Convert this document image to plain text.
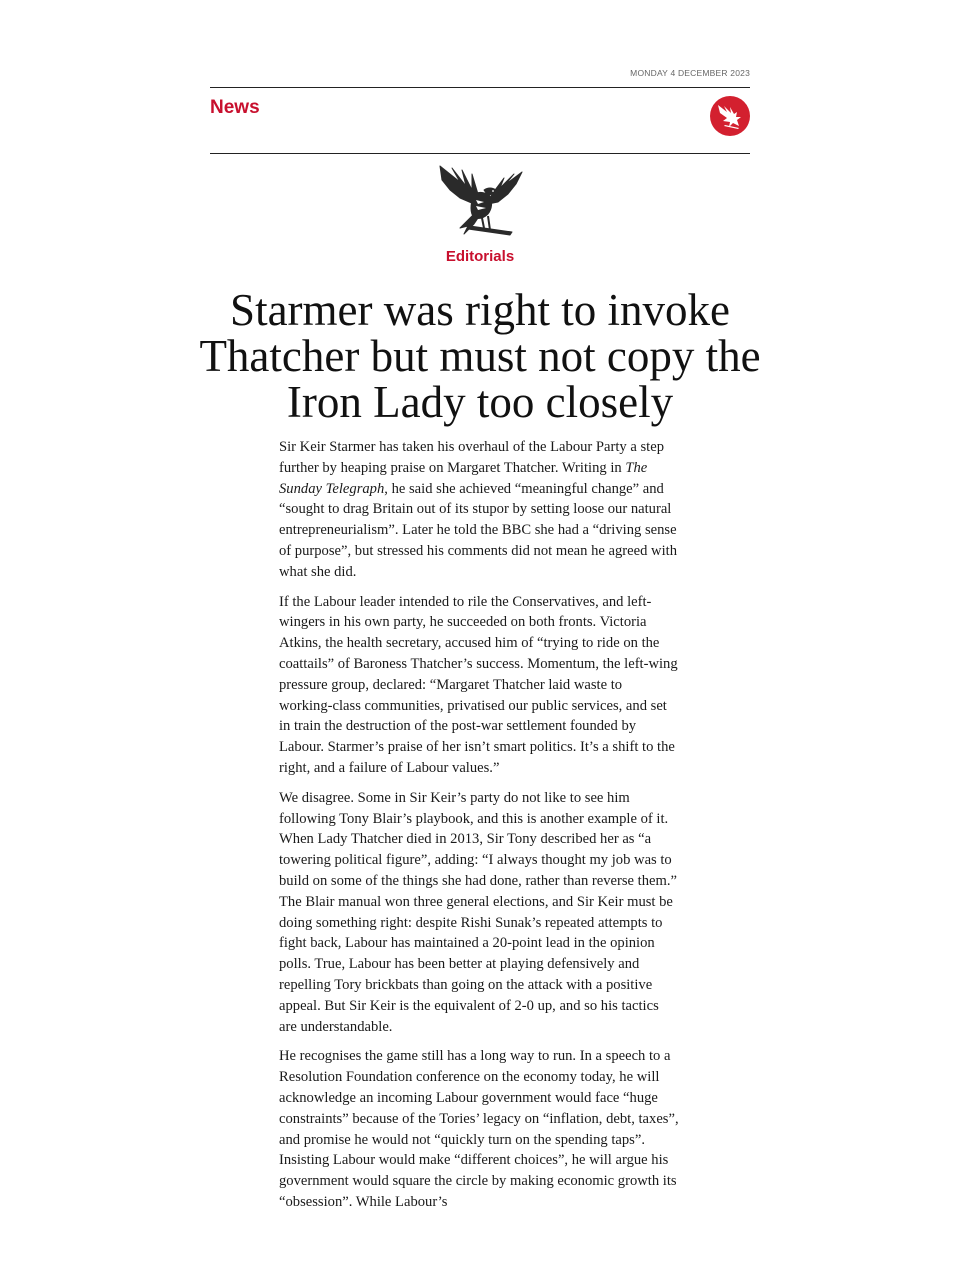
MONDAY 4 DECEMBER 2023
News
Editorials
Starmer was right to invoke Thatcher but must not copy the Iron Lady too closely

Sir Keir Starmer has taken his overhaul of the Labour Party a step further by heaping praise on Margaret Thatcher. Writing in The Sunday Telegraph, he said she achieved “meaningful change” and “sought to drag Britain out of its stupor by setting loose our natural entrepreneurialism”. Later he told the BBC she had a “driving sense of purpose”, but stressed his comments did not mean he agreed with what she did.

If the Labour leader intended to rile the Conservatives, and left-wingers in his own party, he succeeded on both fronts. Victoria Atkins, the health secretary, accused him of “trying to ride on the coattails” of Baroness Thatcher’s success. Momentum, the left-wing pressure group, declared: “Margaret Thatcher laid waste to working-class communities, privatised our public services, and set in train the destruction of the post-war settlement founded by Labour. Starmer’s praise of her isn’t smart politics. It’s a shift to the right, and a failure of Labour values.”

We disagree. Some in Sir Keir’s party do not like to see him following Tony Blair’s playbook, and this is another example of it. When Lady Thatcher died in 2013, Sir Tony described her as “a towering political figure”, adding: “I always thought my job was to build on some of the things she had done, rather than reverse them.” The Blair manual won three general elections, and Sir Keir must be doing something right: despite Rishi Sunak’s repeated attempts to fight back, Labour has maintained a 20-point lead in the opinion polls. True, Labour has been better at playing defensively and repelling Tory brickbats than going on the attack with a positive appeal. But Sir Keir is the equivalent of 2-0 up, and so his tactics are understandable.

He recognises the game still has a long way to run. In a speech to a Resolution Foundation conference on the economy today, he will acknowledge an incoming Labour government would face “huge constraints” because of the Tories’ legacy on “inflation, debt, taxes”, and promise he would not “quickly turn on the spending taps”. Insisting Labour would make “different choices”, he will argue his government would square the circle by making economic growth its “obsession”. While Labour’s
